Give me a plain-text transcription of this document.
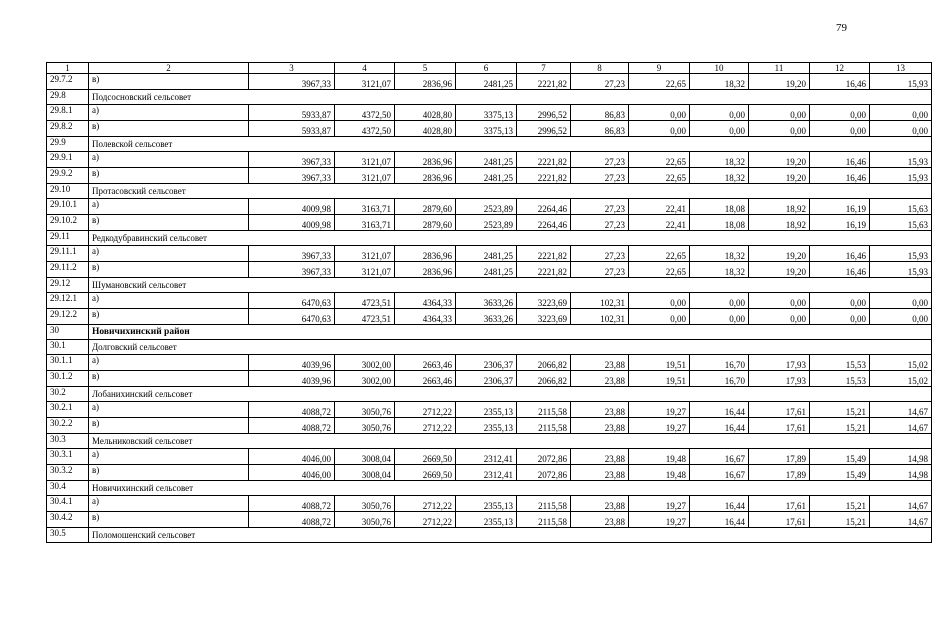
79
1	2	3	4	5	6	7	8	9	10	11	12	13
29.7.2	в)	3967,33	3121,07	2836,96	2481,25	2221,82	27,23	22,65	18,32	19,20	16,46	15,93
29.8	Подсосновский сельсовет											
29.8.1	а)	5933,87	4372,50	4028,80	3375,13	2996,52	86,83	0,00	0,00	0,00	0,00	0,00
29.8.2	в)	5933,87	4372,50	4028,80	3375,13	2996,52	86,83	0,00	0,00	0,00	0,00	0,00
29.9	Полевской сельсовет											
29.9.1	а)	3967,33	3121,07	2836,96	2481,25	2221,82	27,23	22,65	18,32	19,20	16,46	15,93
29.9.2	в)	3967,33	3121,07	2836,96	2481,25	2221,82	27,23	22,65	18,32	19,20	16,46	15,93
29.10	Протасовский сельсовет											
29.10.1	а)	4009,98	3163,71	2879,60	2523,89	2264,46	27,23	22,41	18,08	18,92	16,19	15,63
29.10.2	в)	4009,98	3163,71	2879,60	2523,89	2264,46	27,23	22,41	18,08	18,92	16,19	15,63
29.11	Редкодубравинский сельсовет											
29.11.1	а)	3967,33	3121,07	2836,96	2481,25	2221,82	27,23	22,65	18,32	19,20	16,46	15,93
29.11.2	в)	3967,33	3121,07	2836,96	2481,25	2221,82	27,23	22,65	18,32	19,20	16,46	15,93
29.12	Шумановский сельсовет											
29.12.1	а)	6470,63	4723,51	4364,33	3633,26	3223,69	102,31	0,00	0,00	0,00	0,00	0,00
29.12.2	в)	6470,63	4723,51	4364,33	3633,26	3223,69	102,31	0,00	0,00	0,00	0,00	0,00
30	Новичихинский район											
30.1	Долговский сельсовет											
30.1.1	а)	4039,96	3002,00	2663,46	2306,37	2066,82	23,88	19,51	16,70	17,93	15,53	15,02
30.1.2	в)	4039,96	3002,00	2663,46	2306,37	2066,82	23,88	19,51	16,70	17,93	15,53	15,02
30.2	Лобанихинский сельсовет											
30.2.1	а)	4088,72	3050,76	2712,22	2355,13	2115,58	23,88	19,27	16,44	17,61	15,21	14,67
30.2.2	в)	4088,72	3050,76	2712,22	2355,13	2115,58	23,88	19,27	16,44	17,61	15,21	14,67
30.3	Мельниковский сельсовет											
30.3.1	а)	4046,00	3008,04	2669,50	2312,41	2072,86	23,88	19,48	16,67	17,89	15,49	14,98
30.3.2	в)	4046,00	3008,04	2669,50	2312,41	2072,86	23,88	19,48	16,67	17,89	15,49	14,98
30.4	Новичихинский сельсовет											
30.4.1	а)	4088,72	3050,76	2712,22	2355,13	2115,58	23,88	19,27	16,44	17,61	15,21	14,67
30.4.2	в)	4088,72	3050,76	2712,22	2355,13	2115,58	23,88	19,27	16,44	17,61	15,21	14,67
30.5	Поломошенский сельсовет											
